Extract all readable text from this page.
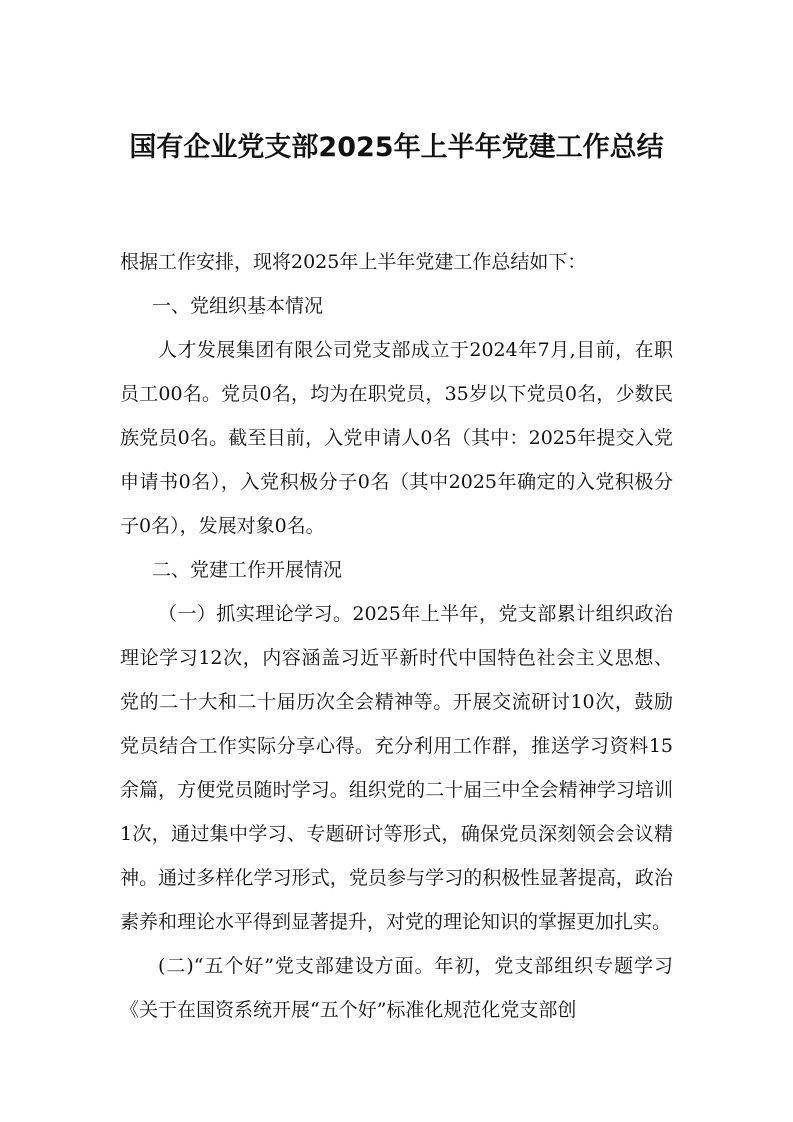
国有企业党支部2025年上半年党建工作总结

根据工作安排，现将2025年上半年党建工作总结如下：

一、党组织基本情况

人才发展集团有限公司党支部成立于2024年7月,目前，在职员工00名。党员0名，均为在职党员，35岁以下党员0名，少数民族党员0名。截至目前，入党申请人0名（其中：2025年提交入党申请书0名），入党积极分子0名（其中2025年确定的入党积极分子0名），发展对象0名。

二、党建工作开展情况

（一）抓实理论学习。2025年上半年，党支部累计组织政治理论学习12次，内容涵盖习近平新时代中国特色社会主义思想、党的二十大和二十届历次全会精神等。开展交流研讨10次，鼓励党员结合工作实际分享心得。充分利用工作群，推送学习资料15余篇，方便党员随时学习。组织党的二十届三中全会精神学习培训1次，通过集中学习、专题研讨等形式，确保党员深刻领会会议精神。通过多样化学习形式，党员参与学习的积极性显著提高，政治素养和理论水平得到显著提升，对党的理论知识的掌握更加扎实。

(二)“五个好”党支部建设方面。年初，党支部组织专题学习《关于在国资系统开展“五个好”标准化规范化党支部创
